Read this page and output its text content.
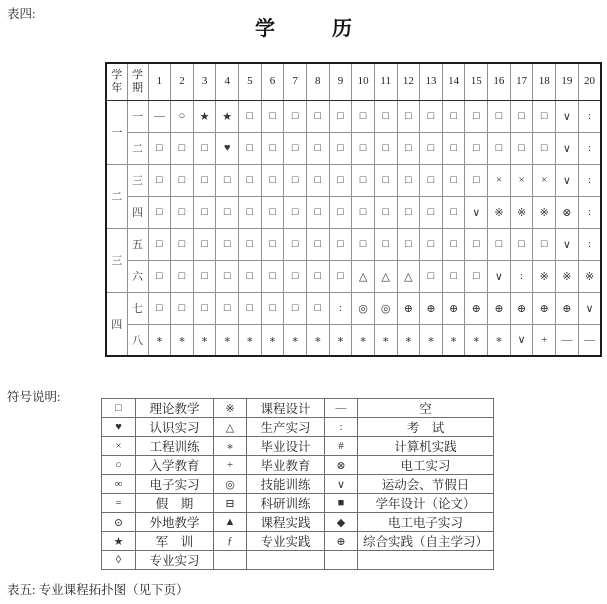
表四:
学历
学年	学期	1	2	3	4	5	6	7	8	9	10	11	12	13	14	15	16	17	18	19	20
一	一	—	○	★	★	□	□	□	□	□	□	□	□	□	□	□	□	□	□	∨	:
	二	□	□	□	♥	□	□	□	□	□	□	□	□	□	□	□	□	□	□	∨	:
二	三	□	□	□	□	□	□	□	□	□	□	□	□	□	□	□	×	×	×	∨	:
	四	□	□	□	□	□	□	□	□	□	□	□	□	□	□	∨	※	※	※	⊗	:
三	五	□	□	□	□	□	□	□	□	□	□	□	□	□	□	□	□	□	□	∨	:
	六	□	□	□	□	□	□	□	□	□	△	△	△	□	□	□	∨	:	※	※	※
四	七	□	□	□	□	□	□	□	□	:	◎	◎	⊕	⊕	⊕	⊕	⊕	⊕	⊕	⊕	∨
	八	∗	∗	∗	∗	∗	∗	∗	∗	∗	∗	∗	∗	∗	∗	∗	∗	∨	+	—	—
符号说明:
□	理论教学	※	课程设计	—	空
♥	认识实习	△	生产实习	:	考　试
×	工程训练	∗	毕业设计	#	计算机实践
○	入学教育	+	毕业教育	⊗	电工实习
∞	电子实习	◎	技能训练	∨	运动会、节假日
=	假　期	⊟	科研训练	■	学年设计（论文）
⊙	外地教学	▲	课程实践	◆	电工电子实习
★	军　训	ƒ	专业实践	⊕	综合实践（自主学习）
◊	专业实习				
表五: 专业课程拓扑图（见下页）
